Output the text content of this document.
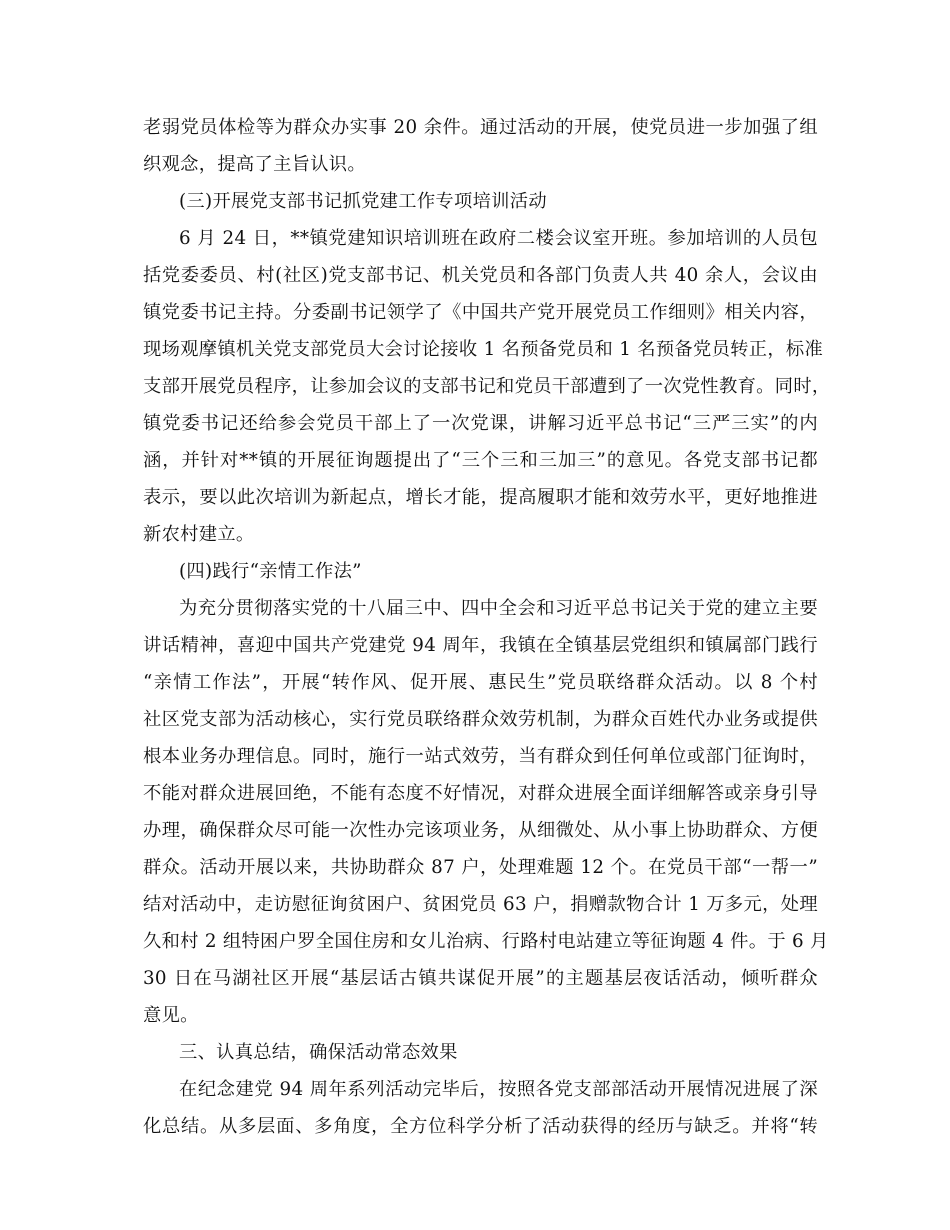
老弱党员体检等为群众办实事 20 余件。通过活动的开展，使党员进一步加强了组
织观念，提高了主旨认识。
(三)开展党支部书记抓党建工作专项培训活动
6 月 24 日，**镇党建知识培训班在政府二楼会议室开班。参加培训的人员包
括党委委员、村(社区)党支部书记、机关党员和各部门负责人共 40 余人，会议由
镇党委书记主持。分委副书记领学了《中国共产党开展党员工作细则》相关内容，
现场观摩镇机关党支部党员大会讨论接收 1 名预备党员和 1 名预备党员转正，标准
支部开展党员程序，让参加会议的支部书记和党员干部遭到了一次党性教育。同时，
镇党委书记还给参会党员干部上了一次党课，讲解习近平总书记“三严三实”的内
涵，并针对**镇的开展征询题提出了“三个三和三加三”的意见。各党支部书记都
表示，要以此次培训为新起点，增长才能，提高履职才能和效劳水平，更好地推进
新农村建立。
(四)践行“亲情工作法”
为充分贯彻落实党的十八届三中、四中全会和习近平总书记关于党的建立主要
讲话精神，喜迎中国共产党建党 94 周年，我镇在全镇基层党组织和镇属部门践行
“亲情工作法”，开展“转作风、促开展、惠民生”党员联络群众活动。以 8 个村
社区党支部为活动核心，实行党员联络群众效劳机制，为群众百姓代办业务或提供
根本业务办理信息。同时，施行一站式效劳，当有群众到任何单位或部门征询时，
不能对群众进展回绝，不能有态度不好情况，对群众进展全面详细解答或亲身引导
办理，确保群众尽可能一次性办完该项业务，从细微处、从小事上协助群众、方便
群众。活动开展以来，共协助群众 87 户，处理难题 12 个。在党员干部“一帮一”
结对活动中，走访慰征询贫困户、贫困党员 63 户，捐赠款物合计 1 万多元，处理
久和村 2 组特困户罗全国住房和女儿治病、行路村电站建立等征询题 4 件。于 6 月
30 日在马湖社区开展“基层话古镇共谋促开展”的主题基层夜话活动，倾听群众
意见。
三、认真总结，确保活动常态效果
在纪念建党 94 周年系列活动完毕后，按照各党支部部活动开展情况进展了深
化总结。从多层面、多角度，全方位科学分析了活动获得的经历与缺乏。并将“转
